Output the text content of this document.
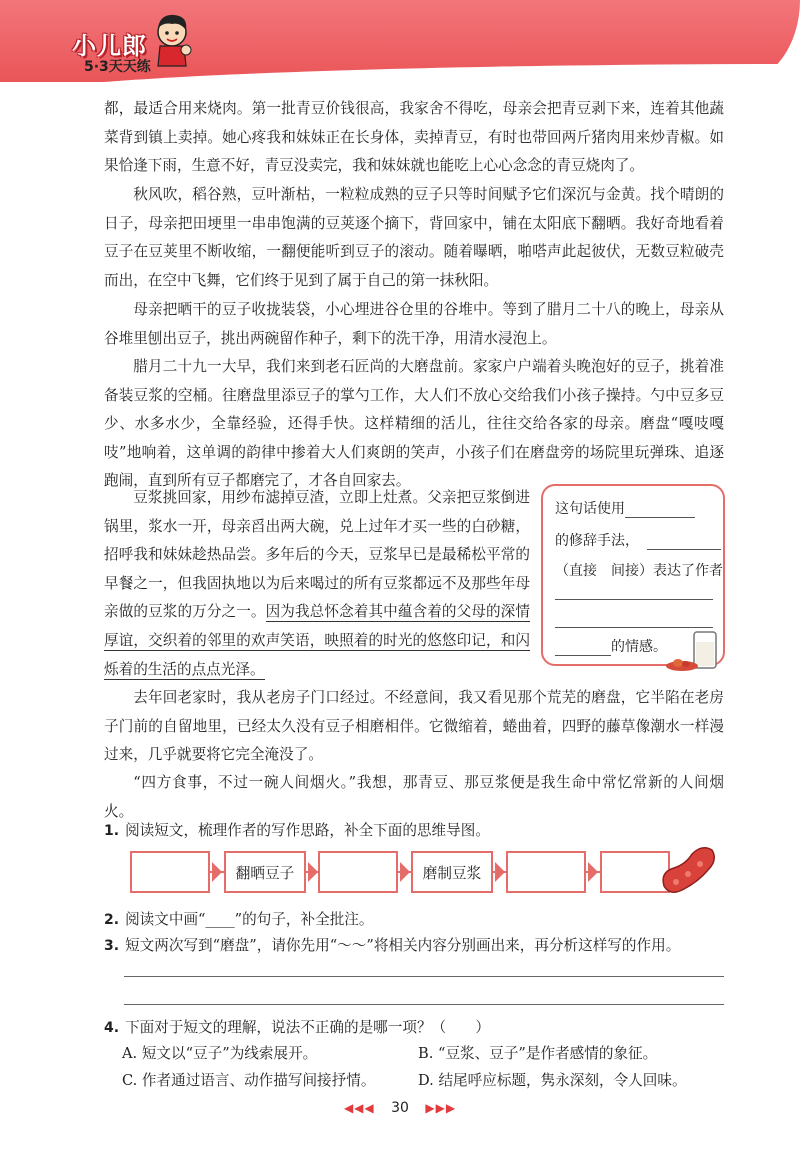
小儿郎
5·3天天练

都，最适合用来烧肉。第一批青豆价钱很高，我家舍不得吃，母亲会把青豆剥下来，连着其他蔬菜背到镇上卖掉。她心疼我和妹妹正在长身体，卖掉青豆，有时也带回两斤猪肉用来炒青椒。如果恰逢下雨，生意不好，青豆没卖完，我和妹妹就也能吃上心心念念的青豆烧肉了。

秋风吹，稻谷熟，豆叶渐枯，一粒粒成熟的豆子只等时间赋予它们深沉与金黄。找个晴朗的日子，母亲把田埂里一串串饱满的豆荚逐个摘下，背回家中，铺在太阳底下翻晒。我好奇地看着豆子在豆荚里不断收缩，一翻便能听到豆子的滚动。随着曝晒，啪嗒声此起彼伏，无数豆粒破壳而出，在空中飞舞，它们终于见到了属于自己的第一抹秋阳。

母亲把晒干的豆子收拢装袋，小心埋进谷仓里的谷堆中。等到了腊月二十八的晚上，母亲从谷堆里刨出豆子，挑出两碗留作种子，剩下的洗干净，用清水浸泡上。

腊月二十九一大早，我们来到老石匠尚的大磨盘前。家家户户端着头晚泡好的豆子，挑着准备装豆浆的空桶。往磨盘里添豆子的掌勺工作，大人们不放心交给我们小孩子操持。勺中豆多豆少、水多水少，全靠经验，还得手快。这样精细的活儿，往往交给各家的母亲。磨盘“嘎吱嘎吱”地响着，这单调的韵律中掺着大人们爽朗的笑声，小孩子们在磨盘旁的场院里玩弹珠、追逐跑闹，直到所有豆子都磨完了，才各自回家去。

豆浆挑回家，用纱布滤掉豆渣，立即上灶煮。父亲把豆浆倒进锅里，浆水一开，母亲舀出两大碗，兑上过年才买一些的白砂糖，招呼我和妹妹趁热品尝。多年后的今天，豆浆早已是最稀松平常的早餐之一，但我固执地以为后来喝过的所有豆浆都远不及那些年母亲做的豆浆的万分之一。因为我总怀念着其中蕴含着的父母的深情厚谊，交织着的邻里的欢声笑语，映照着的时光的悠悠印记，和闪烁着的生活的点点光泽。

去年回老家时，我从老房子门口经过。不经意间，我又看见那个荒芜的磨盘，它半陷在老房子门前的自留地里，已经太久没有豆子相磨相伴。它微缩着，蜷曲着，四野的藤草像潮水一样漫过来，几乎就要将它完全淹没了。

“四方食事，不过一碗人间烟火。”我想，那青豆、那豆浆便是我生命中常忆常新的人间烟火。

这句话使用
的修辞手法，
（直接　间接）表达了作者
的情感。
1. 阅读短文，梳理作者的写作思路，补全下面的思维导图。
翻晒豆子	磨制豆浆
2. 阅读文中画“____”的句子，补全批注。
3. 短文两次写到“磨盘”，请你先用“～～”将相关内容分别画出来，再分析这样写的作用。
4. 下面对于短文的理解，说法不正确的是哪一项？（　　）
A. 短文以“豆子”为线索展开。	B. “豆浆、豆子”是作者感情的象征。
C. 作者通过语言、动作描写间接抒情。	D. 结尾呼应标题，隽永深刻，令人回味。
◀◀◀ 30 ▶▶▶
